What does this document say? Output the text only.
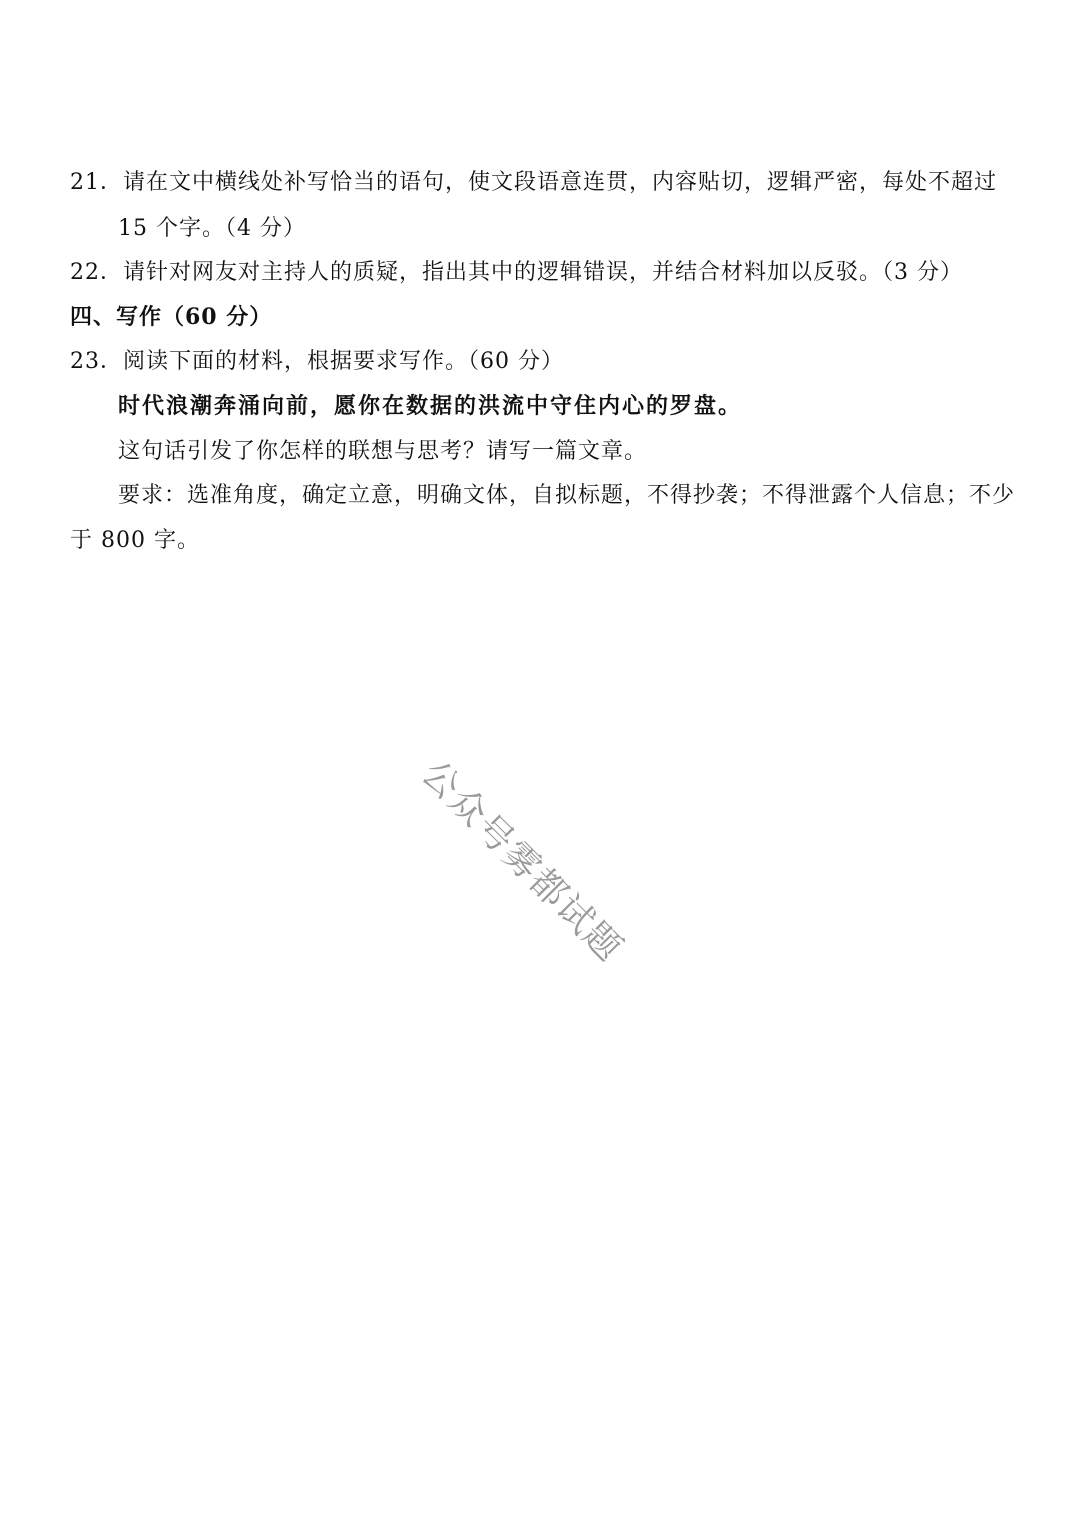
21．请在文中横线处补写恰当的语句，使文段语意连贯，内容贴切，逻辑严密，每处不超过
15 个字。（4 分）
22．请针对网友对主持人的质疑，指出其中的逻辑错误，并结合材料加以反驳。（3 分）
四、写作（60 分）
23．阅读下面的材料，根据要求写作。（60 分）
时代浪潮奔涌向前，愿你在数据的洪流中守住内心的罗盘。
这句话引发了你怎样的联想与思考？请写一篇文章。
要求：选准角度，确定立意，明确文体，自拟标题，不得抄袭；不得泄露个人信息；不少
于 800 字。
公众号雾都试题
